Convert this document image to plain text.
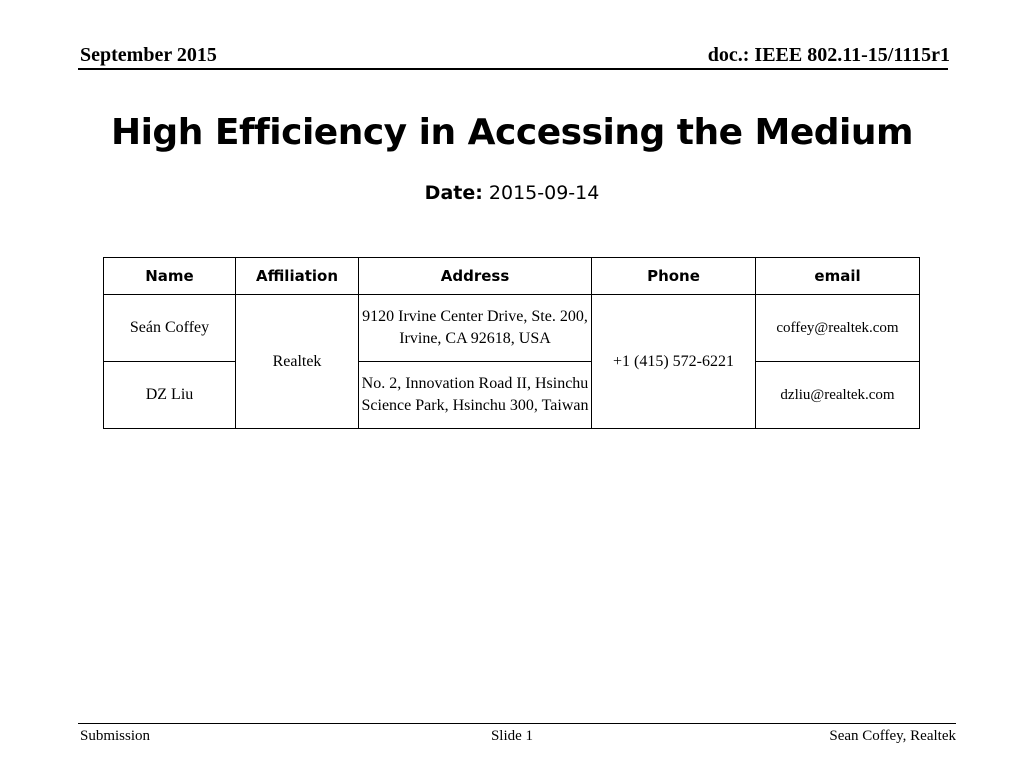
September 2015	doc.: IEEE 802.11-15/1115r1
High Efficiency in Accessing the Medium
Date: 2015-09-14
Name	Affiliation	Address	Phone	email
Seán Coffey	Realtek	9120 Irvine Center Drive, Ste. 200, Irvine, CA 92618, USA	+1 (415) 572-6221	coffey@realtek.com
DZ Liu		No. 2, Innovation Road II, Hsinchu Science Park, Hsinchu 300, Taiwan		dzliu@realtek.com
Submission	Slide 1	Sean Coffey, Realtek
